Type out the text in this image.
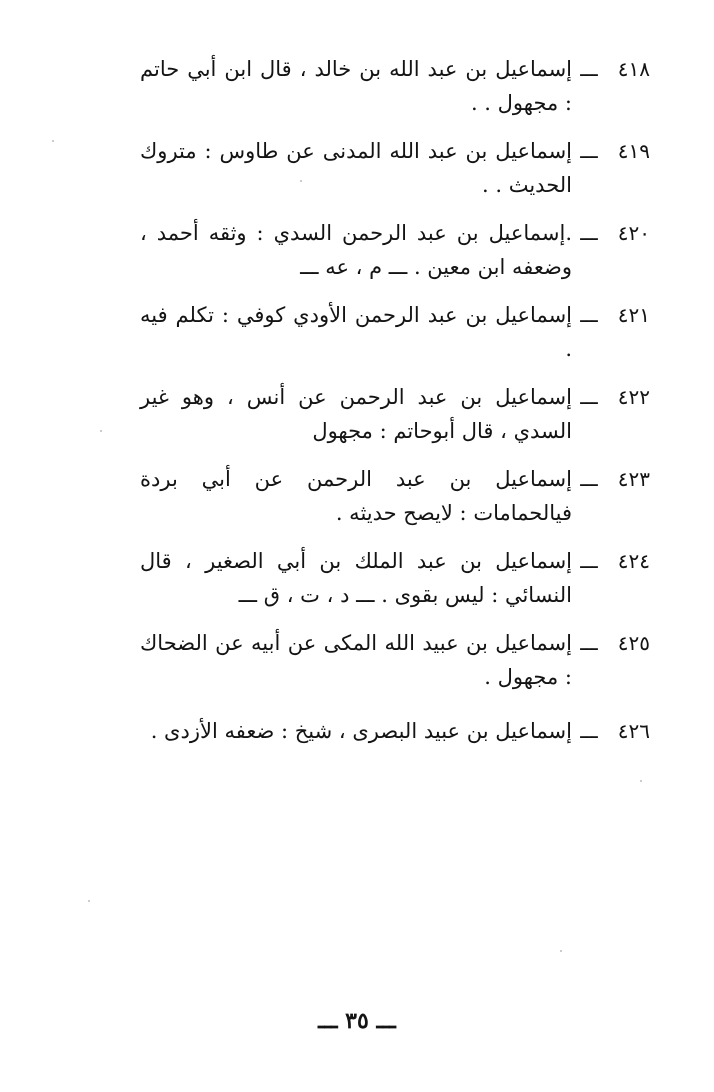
٤١٨
ـــ
إسماعيل بن عبد الله بن خالد ، قال ابن أبي حاتم : مجهول . .
٤١٩
ـــ
إسماعيل بن عبد الله المدنى عن طاوس : متروك الحديث . .
٤٢٠
ـــ
.إسماعيل بن عبد الرحمن السدي : وثقه أحمد ، وضعفه ابن معين . ـــ م ، عه ـــ
٤٢١
ـــ
إسماعيل بن عبد الرحمن الأودي كوفي : تكلم فيه .
٤٢٢
ـــ
إسماعيل بن عبد الرحمن عن أنس ، وهو غير السدي ، قال أبوحاتم : مجهول
٤٢٣
ـــ
إسماعيل بن عبد الرحمن عن أبي بردة فيالحمامات : لايصح حديثه .
٤٢٤
ـــ
إسماعيل بن عبد الملك بن أبي الصغير ، قال النسائي : ليس بقوى . ـــ د ، ت ، ق ـــ
٤٢٥
ـــ
إسماعيل بن عبيد الله المكى عن أبيه عن الضحاك : مجهول .
٤٢٦
ـــ
إسماعيل بن عبيد البصرى ، شيخ : ضعفه الأزدى .
ـــ ٣٥ ـــ
